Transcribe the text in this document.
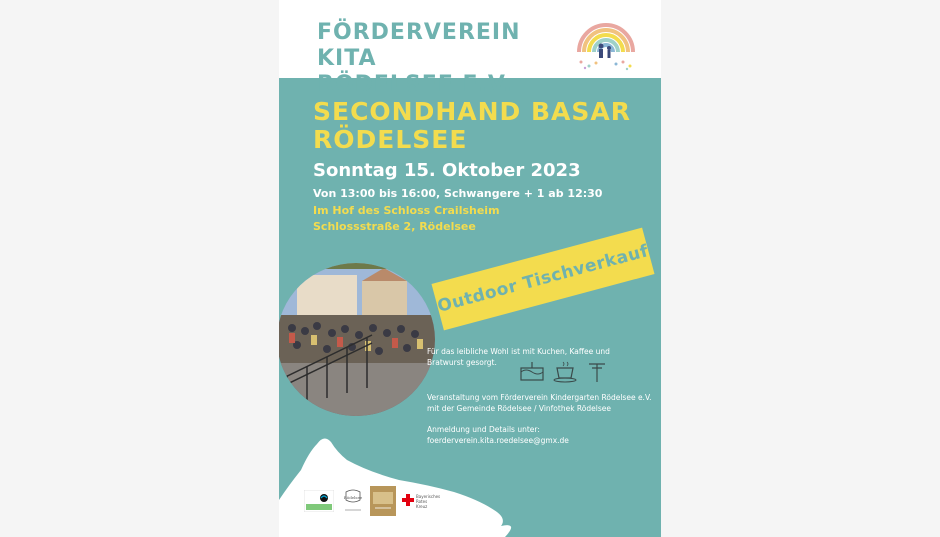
FÖRDERVEREIN KITA
RÖDELSEE E.V.
SECONDHAND BASAR
RÖDELSEE
Sonntag 15. Oktober 2023
Von 13:00 bis 16:00, Schwangere + 1 ab 12:30
Im Hof des Schloss Crailsheim
Schlossstraße 2, Rödelsee
Outdoor Tischverkauf
Für das leibliche Wohl ist mit Kuchen, Kaffee und
Bratwurst gesorgt.
Veranstaltung vom Förderverein Kindergarten Rödelsee e.V.
mit der Gemeinde Rödelsee / Vinfothek Rödelsee
Anmeldung und Details unter:
foerderverein.kita.roedelsee@gmx.de
Rödelsee	Bayerisches
Rotes
Kreuz
